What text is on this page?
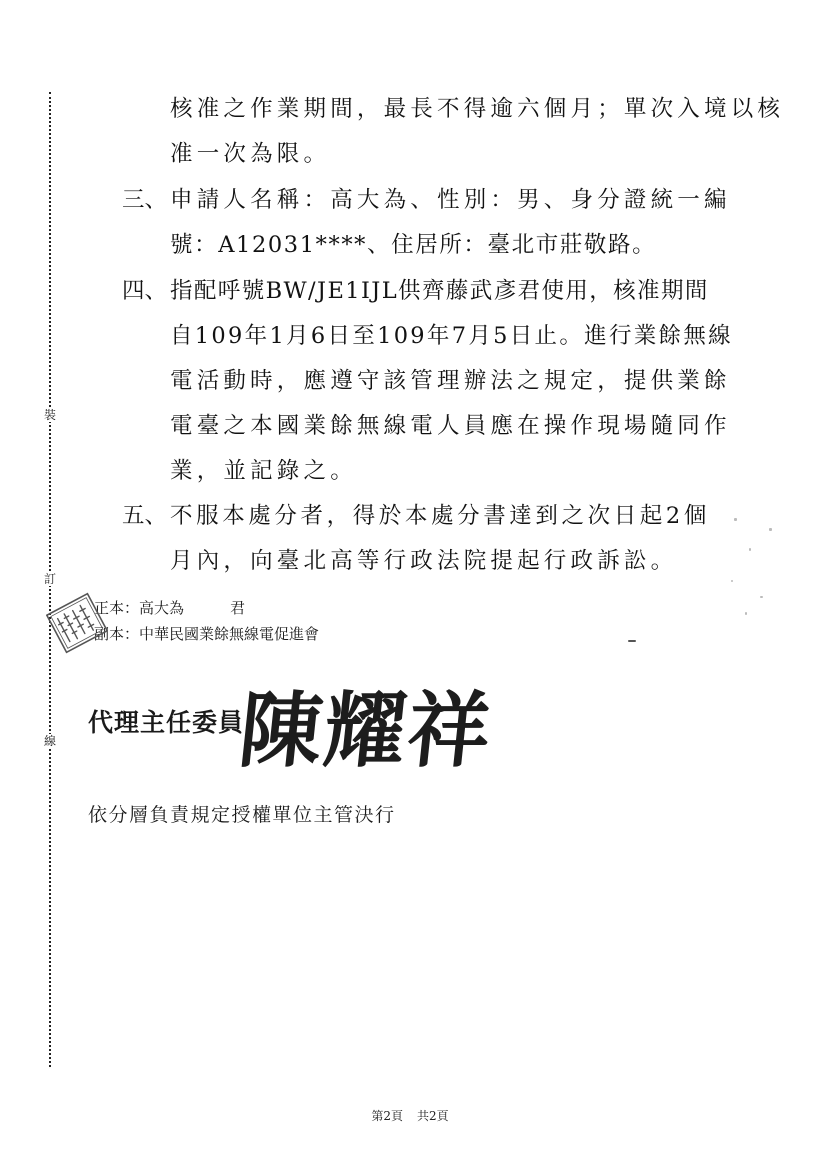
裝
訂
線
核准之作業期間，最長不得逾六個月；單次入境以核
准一次為限。
三、 申請人名稱：高大為、性別：男、身分證統一編
號：A12031****、住居所：臺北市莊敬路。
四、 指配呼號BW/JE1IJL供齊藤武彥君使用，核准期間
自109年1月6日至109年7月5日止。進行業餘無線
電活動時，應遵守該管理辦法之規定，提供業餘
電臺之本國業餘無線電人員應在操作現場隨同作
業，並記錄之。
五、 不服本處分者，得於本處分書達到之次日起2個
月內，向臺北高等行政法院提起行政訴訟。
正本：高大為	君
副本：中華民國業餘無線電促進會
代理主任委員
陳耀祥
依分層負責規定授權單位主管決行
第2頁 共2頁
